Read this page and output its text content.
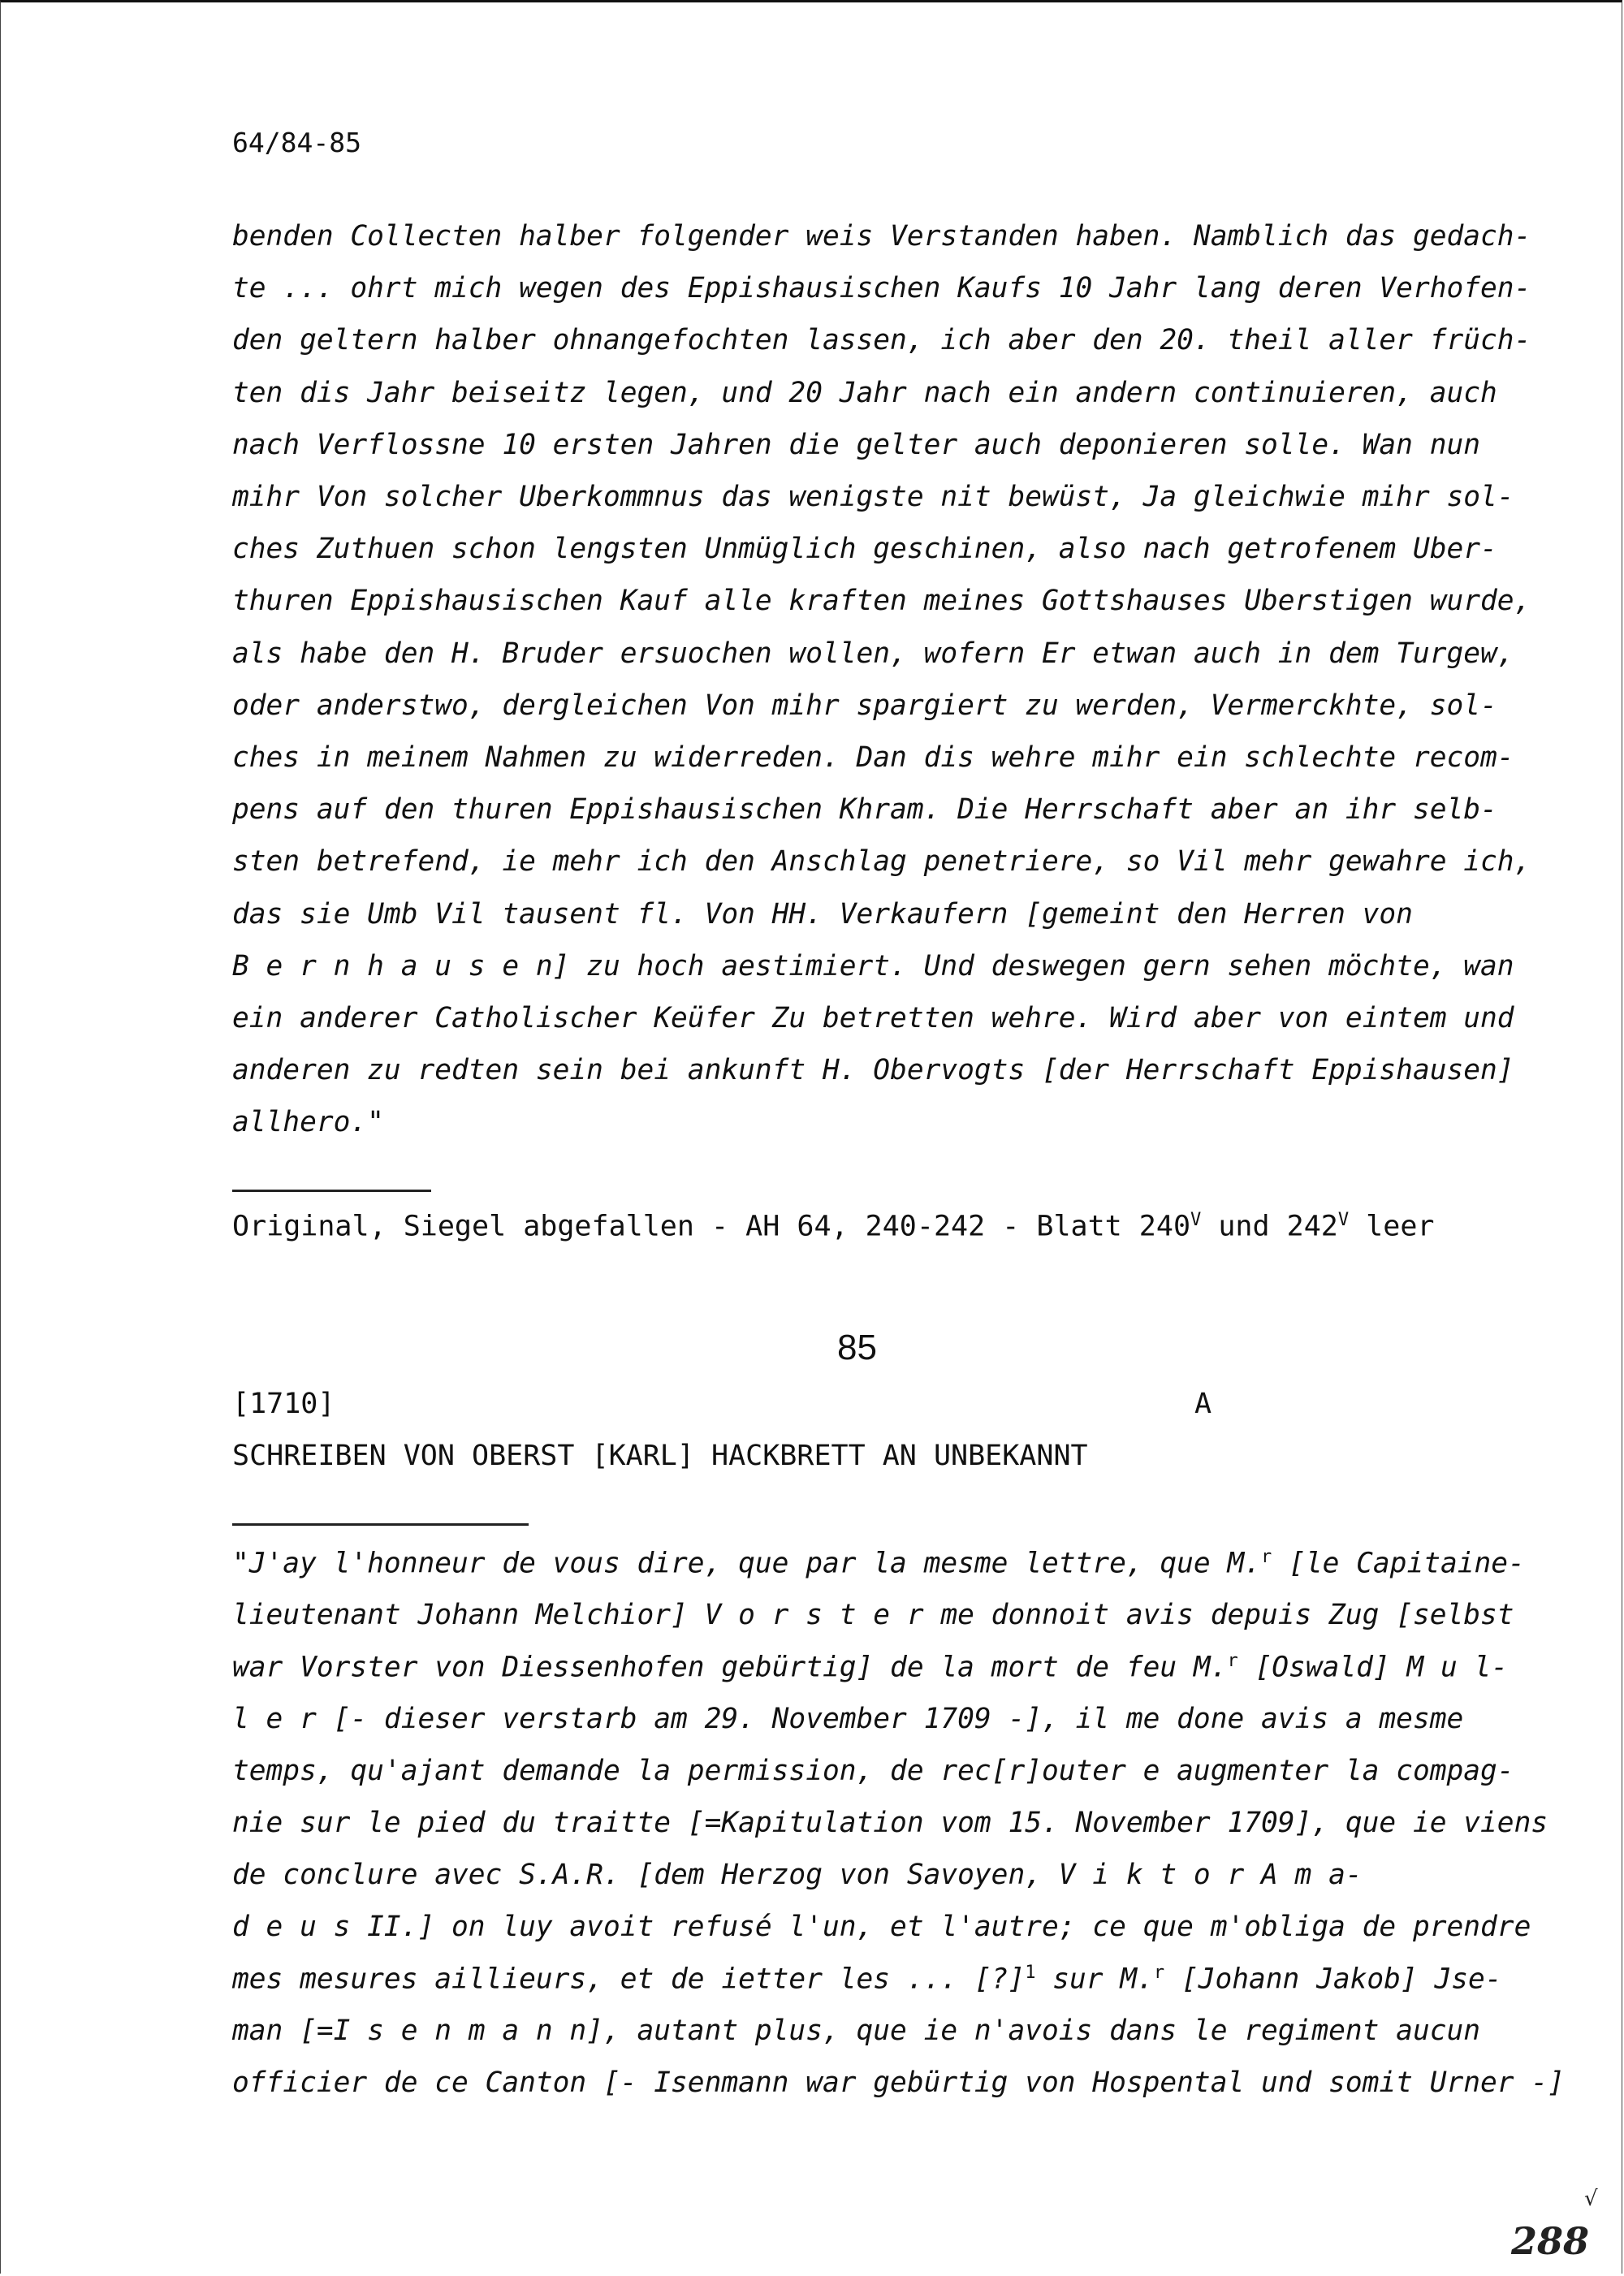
64/84-85
benden Collecten halber folgender weis Verstanden haben. Namblich das gedach-
te ... ohrt mich wegen des Eppishausischen Kaufs 10 Jahr lang deren Verhofen-
den geltern halber ohnangefochten lassen, ich aber den 20. theil aller früch-
ten dis Jahr beiseitz legen, und 20 Jahr nach ein andern continuieren, auch
nach Verflossne 10 ersten Jahren die gelter auch deponieren solle. Wan nun
mihr Von solcher Uberkommnus das wenigste nit bewüst, Ja gleichwie mihr sol-
ches Zuthuen schon lengsten Unmüglich geschinen, also nach getrofenem Uber-
thuren Eppishausischen Kauf alle kraften meines Gottshauses Uberstigen wurde,
als habe den H. Bruder ersuochen wollen, wofern Er etwan auch in dem Turgew,
oder anderstwo, dergleichen Von mihr spargiert zu werden, Vermerckhte, sol-
ches in meinem Nahmen zu widerreden. Dan dis wehre mihr ein schlechte recom-
pens auf den thuren Eppishausischen Khram. Die Herrschaft aber an ihr selb-
sten betrefend, ie mehr ich den Anschlag penetriere, so Vil mehr gewahre ich,
das sie Umb Vil tausent fl. Von HH. Verkaufern [gemeint den Herren von
B e r n h a u s e n] zu hoch aestimiert. Und deswegen gern sehen möchte, wan
ein anderer Catholischer Keüfer Zu betretten wehre. Wird aber von eintem und
anderen zu redten sein bei ankunft H. Obervogts [der Herrschaft Eppishausen]
allhero."
Original, Siegel abgefallen - AH 64, 240-242 - Blatt $240^V$ und $242^V$ leer
85
[1710]	A
SCHREIBEN VON OBERST [KARL] HACKBRETT AN UNBEKANNT
"J'ay l'honneur de vous dire, que par la mesme lettre, que M.$^r$ [le Capitaine-
lieutenant Johann Melchior] V o r s t e r me donnoit avis depuis Zug [selbst
war Vorster von Diessenhofen gebürtig] de la mort de feu M.$^r$ [Oswald] M u l-
l e r [- dieser verstarb am 29. November 1709 -], il me done avis a mesme
temps, qu'ajant demande la permission, de rec[r]outer e augmenter la compag-
nie sur le pied du traitte [=Kapitulation vom 15. November 1709], que ie viens
de conclure avec S.A.R. [dem Herzog von Savoyen, V i k t o r A m a-
d e u s II.] on luy avoit refusé l'un, et l'autre; ce que m'obliga de prendre
mes mesures aillieurs, et de ietter les ... [?]$^1$ sur M.$^r$ [Johann Jakob] Jse-
man [=I s e n m a n n], autant plus, que ie n'avois dans le regiment aucun
officier de ce Canton [- Isenmann war gebürtig von Hospental und somit Urner -]
√
288
